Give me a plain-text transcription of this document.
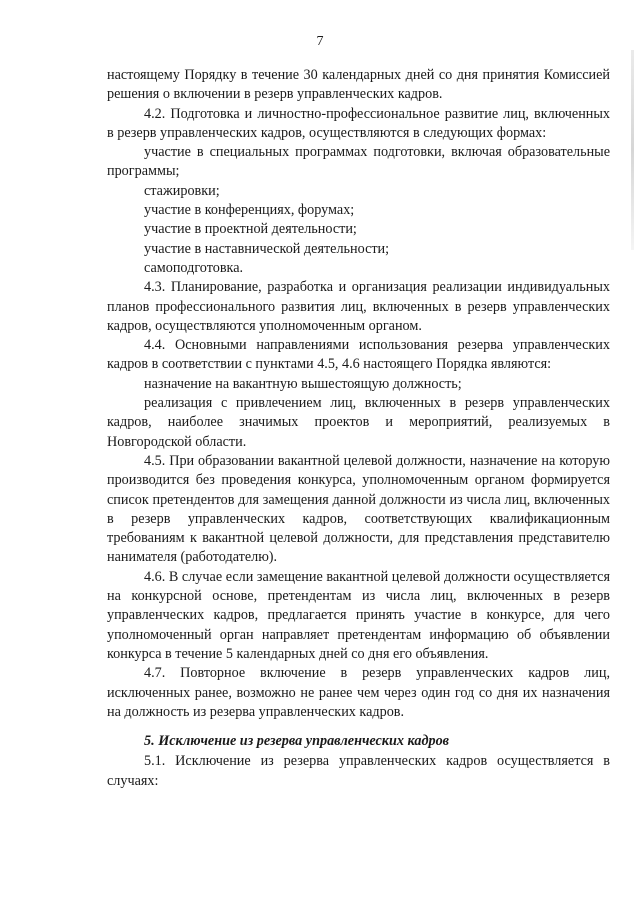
7

настоящему Порядку в течение 30 календарных дней со дня принятия Комиссией решения о включении в резерв управленческих кадров.

4.2. Подготовка и личностно-профессиональное развитие лиц, включенных в резерв управленческих кадров, осуществляются в следующих формах:

участие в специальных программах подготовки, включая образовательные программы;

стажировки;

участие в конференциях, форумах;

участие в проектной деятельности;

участие в наставнической деятельности;

самоподготовка.

4.3. Планирование, разработка и организация реализации индивидуальных планов профессионального развития лиц, включенных в резерв управленческих кадров, осуществляются уполномоченным органом.

4.4. Основными направлениями использования резерва управленческих кадров в соответствии с пунктами 4.5, 4.6 настоящего Порядка являются:

назначение на вакантную вышестоящую должность;

реализация с привлечением лиц, включенных в резерв управленческих кадров, наиболее значимых проектов и мероприятий, реализуемых в Новгородской области.

4.5. При образовании вакантной целевой должности, назначение на которую производится без проведения конкурса, уполномоченным органом формируется список претендентов для замещения данной должности из числа лиц, включенных в резерв управленческих кадров, соответствующих квалификационным требованиям к вакантной целевой должности, для представления представителю нанимателя (работодателю).

4.6. В случае если замещение вакантной целевой должности осуществляется на конкурсной основе, претендентам из числа лиц, включенных в резерв управленческих кадров, предлагается принять участие в конкурсе, для чего уполномоченный орган направляет претендентам информацию об объявлении конкурса в течение 5 календарных дней со дня его объявления.

4.7. Повторное включение в резерв управленческих кадров лиц, исключенных ранее, возможно не ранее чем через один год со дня их назначения на должность из резерва управленческих кадров.

5. Исключение из резерва управленческих кадров

5.1. Исключение из резерва управленческих кадров осуществляется в случаях:
